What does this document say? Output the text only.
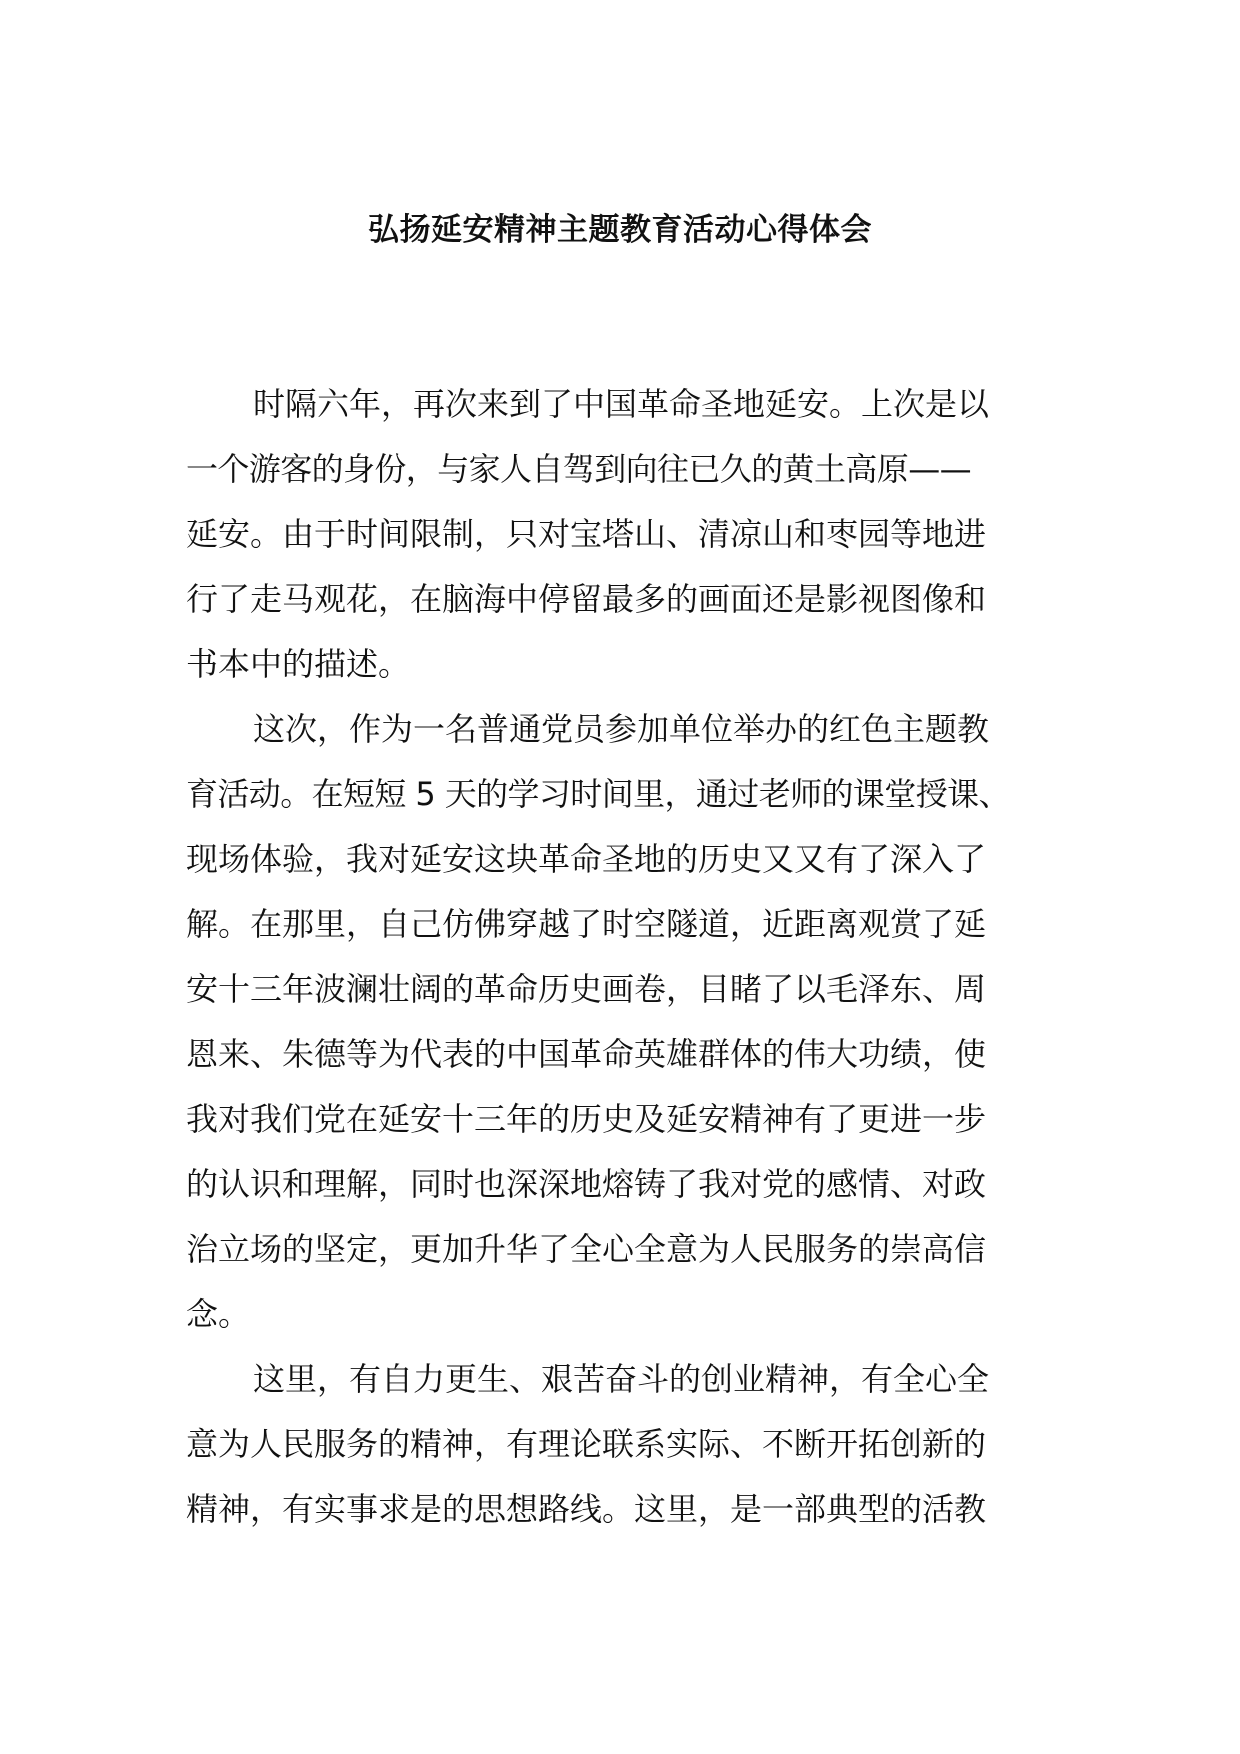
弘扬延安精神主题教育活动心得体会

时隔六年，再次来到了中国革命圣地延安。上次是以
一个游客的身份，与家人自驾到向往已久的黄土高原——
延安。由于时间限制，只对宝塔山、清凉山和枣园等地进
行了走马观花，在脑海中停留最多的画面还是影视图像和
书本中的描述。

这次，作为一名普通党员参加单位举办的红色主题教
育活动。在短短 5 天的学习时间里，通过老师的课堂授课、
现场体验，我对延安这块革命圣地的历史又又有了深入了
解。在那里，自己仿佛穿越了时空隧道，近距离观赏了延
安十三年波澜壮阔的革命历史画卷，目睹了以毛泽东、周
恩来、朱德等为代表的中国革命英雄群体的伟大功绩，使
我对我们党在延安十三年的历史及延安精神有了更进一步
的认识和理解，同时也深深地熔铸了我对党的感情、对政
治立场的坚定，更加升华了全心全意为人民服务的崇高信
念。

这里，有自力更生、艰苦奋斗的创业精神，有全心全
意为人民服务的精神，有理论联系实际、不断开拓创新的
精神，有实事求是的思想路线。这里，是一部典型的活教
